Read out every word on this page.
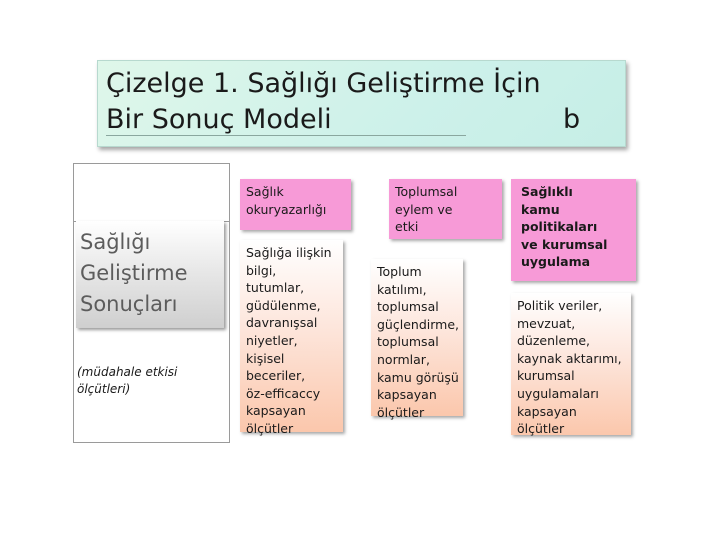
Çizelge 1. Sağlığı Geliştirme İçin
Bir Sonuç Modeli	b
Sağlığı
Geliştirme
Sonuçları
(müdahale etkisi
ölçütleri)
Sağlık
okuryazarlığı
Sağlığa ilişkin
bilgi,
tutumlar,
güdülenme,
davranışsal
niyetler,
kişisel
beceriler,
öz-efficaccy
kapsayan
ölçütler
Toplumsal
eylem ve
etki
Toplum
katılımı,
toplumsal
güçlendirme,
toplumsal
normlar,
kamu görüşü
kapsayan
ölçütler
Sağlıklı
kamu
politikaları
ve kurumsal
uygulama
Politik veriler,
mevzuat,
düzenleme,
kaynak aktarımı,
kurumsal
uygulamaları
kapsayan
ölçütler
